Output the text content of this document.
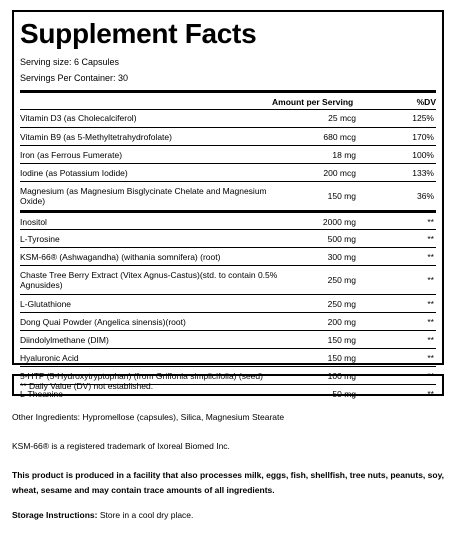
Supplement Facts
Serving size: 6 Capsules
Servings Per Container: 30
Amount per Serving	%DV
Vitamin D3 (as Cholecalciferol)	25 mcg	125%
Vitamin B9 (as 5-Methyltetrahydrofolate)	680 mcg	170%
Iron (as Ferrous Fumerate)	18 mg	100%
Iodine (as Potassium Iodide)	200 mcg	133%
Magnesium (as Magnesium Bisglycinate Chelate and Magnesium Oxide)	150 mg	36%
Inositol	2000 mg	**
L-Tyrosine	500 mg	**
KSM-66® (Ashwagandha) (withania somnifera) (root)	300 mg	**
Chaste Tree Berry Extract (Vitex Agnus-Castus)(std. to contain 0.5% Agnusides)	250 mg	**
L-Glutathione	250 mg	**
Dong Quai Powder (Angelica sinensis)(root)	200 mg	**
Diindolylmethane (DIM)	150 mg	**
Hyaluronic Acid	150 mg	**
5-HTP (5-Hydroxytryptophan) (from Griffonia simplicifolia) (seed)	100 mg	**
L-Theanine	50 mg	**
** Daily Value (DV) not established.
Other Ingredients: Hypromellose (capsules), Silica, Magnesium Stearate
KSM-66® is a registered trademark of Ixoreal Biomed Inc.
This product is produced in a facility that also processes milk, eggs, fish, shellfish, tree nuts, peanuts, soy, wheat, sesame and may contain trace amounts of all ingredients.
Storage Instructions: Store in a cool dry place.
